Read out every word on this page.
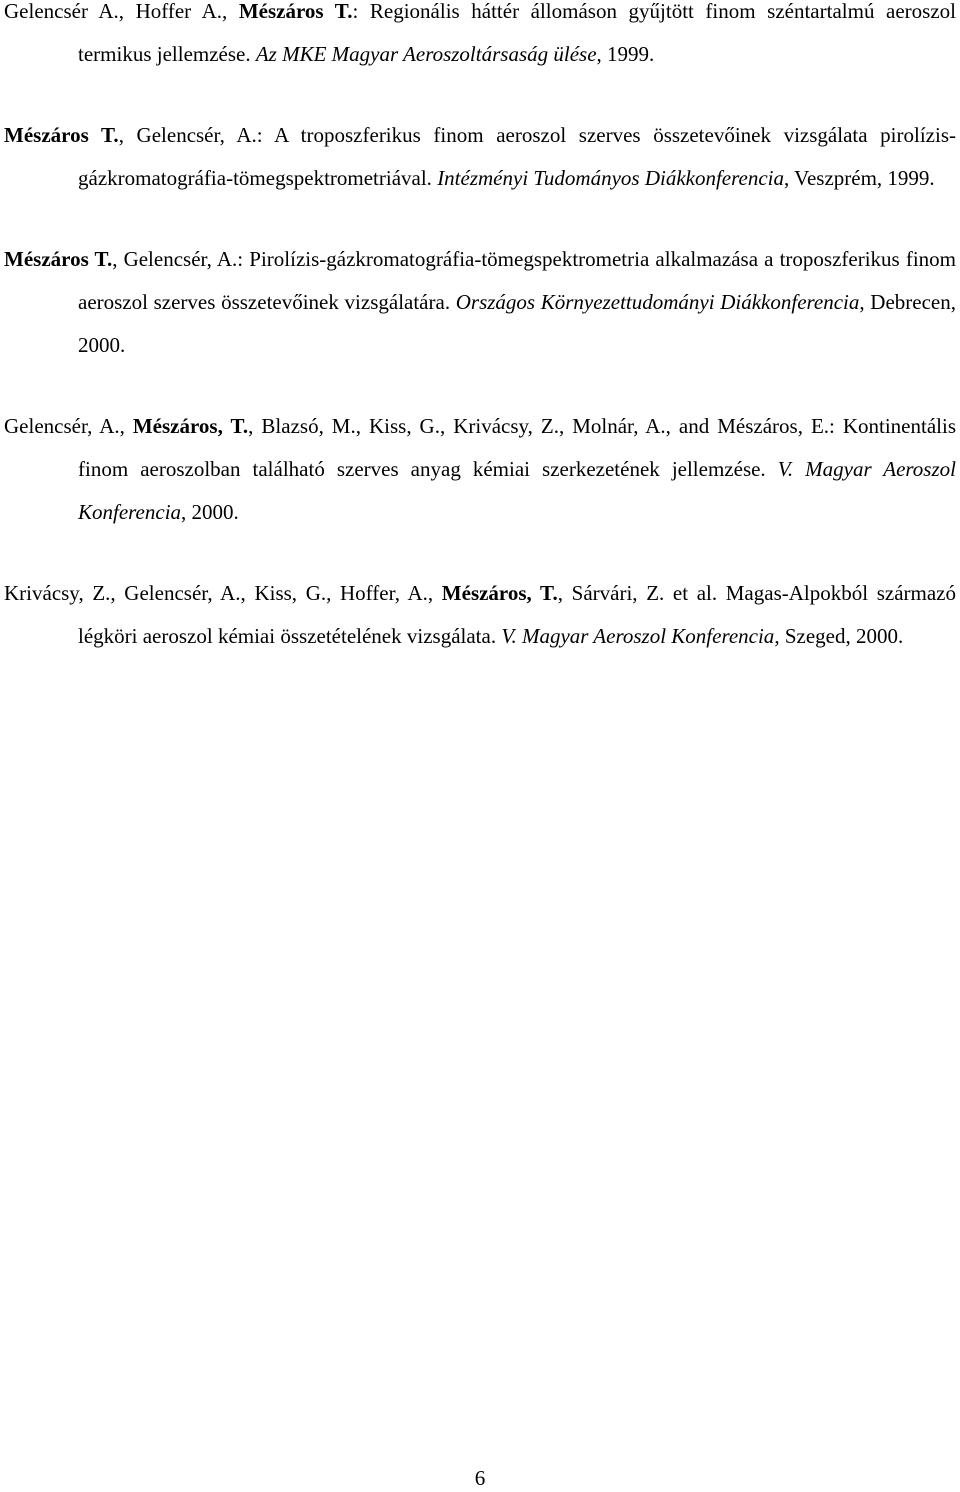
Gelencsér A., Hoffer A., Mészáros T.: Regionális háttér állomáson gyűjtött finom széntartalmú aeroszol termikus jellemzése. Az MKE Magyar Aeroszoltársaság ülése, 1999.

Mészáros T., Gelencsér, A.: A troposzferikus finom aeroszol szerves összetevőinek vizsgálata pirolízis-gázkromatográfia-tömegspektrometriával. Intézményi Tudományos Diákkonferencia, Veszprém, 1999.

Mészáros T., Gelencsér, A.: Pirolízis-gázkromatográfia-tömegspektrometria alkalmazása a troposzferikus finom aeroszol szerves összetevőinek vizsgálatára. Országos Környezettudományi Diákkonferencia, Debrecen, 2000.

Gelencsér, A., Mészáros, T., Blazsó, M., Kiss, G., Krivácsy, Z., Molnár, A., and Mészáros, E.: Kontinentális finom aeroszolban található szerves anyag kémiai szerkezetének jellemzése. V. Magyar Aeroszol Konferencia, 2000.

Krivácsy, Z., Gelencsér, A., Kiss, G., Hoffer, A., Mészáros, T., Sárvári, Z. et al. Magas-Alpokból származó légköri aeroszol kémiai összetételének vizsgálata. V. Magyar Aeroszol Konferencia, Szeged, 2000.

6
